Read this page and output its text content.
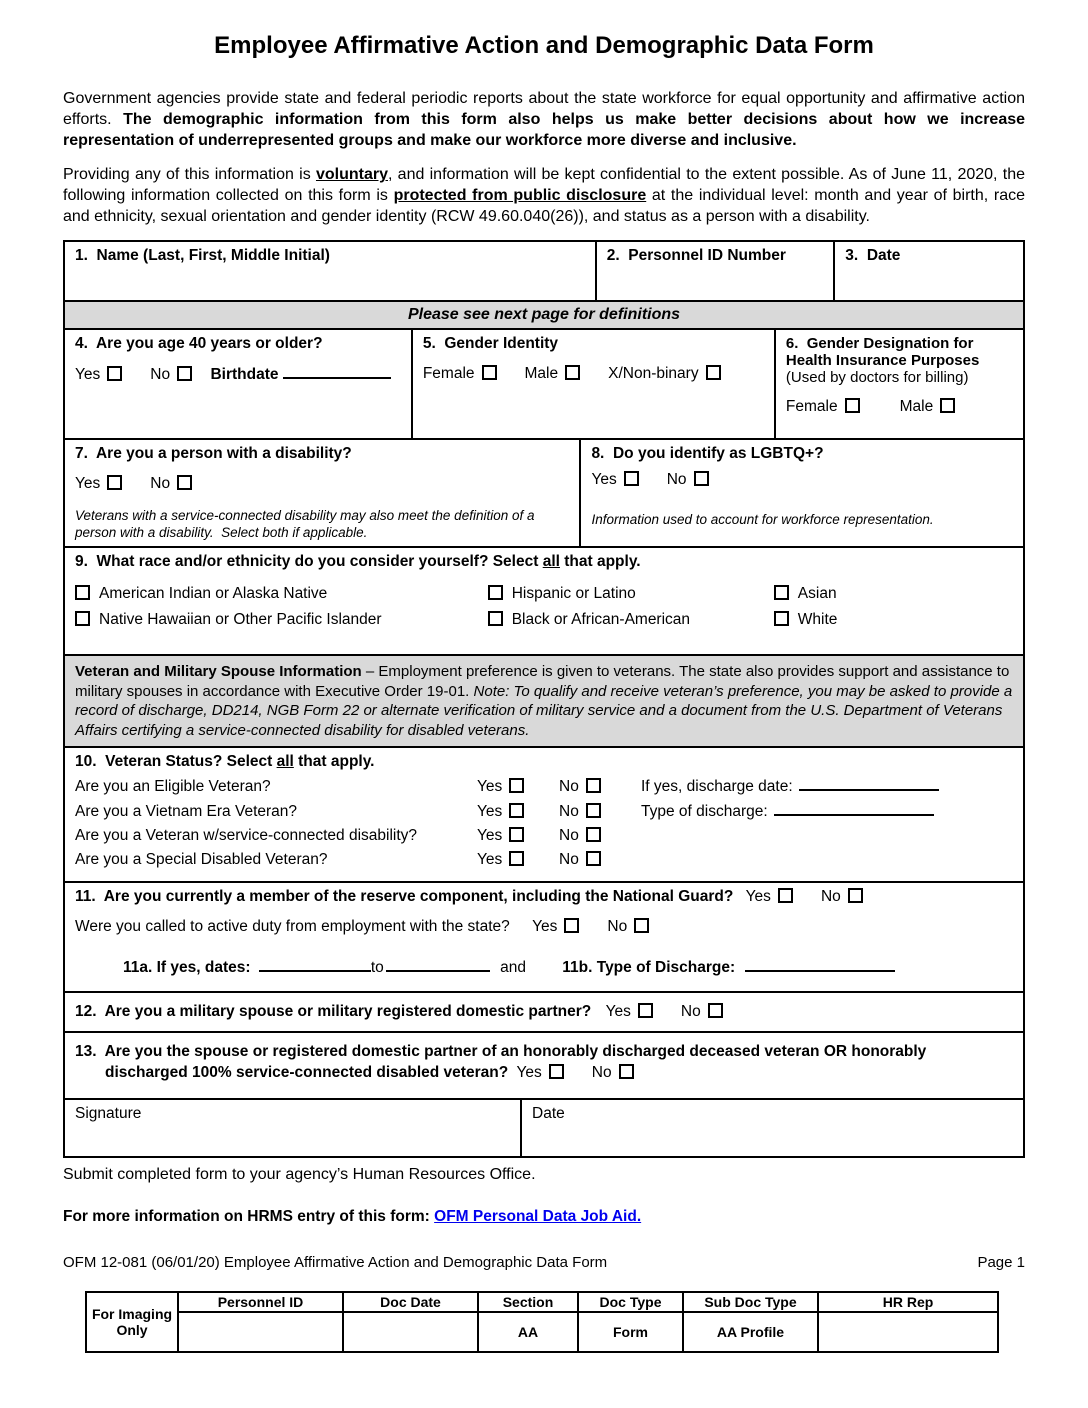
Employee Affirmative Action and Demographic Data Form

Government agencies provide state and federal periodic reports about the state workforce for equal opportunity and affirmative action efforts. The demographic information from this form also helps us make better decisions about how we increase representation of underrepresented groups and make our workforce more diverse and inclusive.

Providing any of this information is voluntary, and information will be kept confidential to the extent possible. As of June 11, 2020, the following information collected on this form is protected from public disclosure at the individual level: month and year of birth, race and ethnicity, sexual orientation and gender identity (RCW 49.60.040(26)), and status as a person with a disability.

1.  Name (Last, First, Middle Initial)	2.  Personnel ID Number	3.  Date
Please see next page for definitions
4.  Are you age 40 years or older?
Yes	No	Birthdate
5.  Gender Identity
Female	Male	X/Non-binary
6.  Gender Designation for Health Insurance Purposes
(Used by doctors for billing)
Female	Male
7.  Are you a person with a disability?
Yes	No
Veterans with a service-connected disability may also meet the definition of a person with a disability.  Select both if applicable.
8.  Do you identify as LGBTQ+?
Yes	No
Information used to account for workforce representation.
9.  What race and/or ethnicity do you consider yourself? Select all that apply.
American Indian or Alaska Native	Hispanic or Latino	Asian
Native Hawaiian or Other Pacific Islander	Black or African-American	White
Veteran and Military Spouse Information – Employment preference is given to veterans. The state also provides support and assistance to military spouses in accordance with Executive Order 19-01. Note: To qualify and receive veteran’s preference, you may be asked to provide a record of discharge, DD214, NGB Form 22 or alternate verification of military service and a document from the U.S. Department of Veterans Affairs certifying a service-connected disability for disabled veterans.
10.  Veteran Status? Select all that apply.
Are you an Eligible Veteran?	Yes	No	If yes, discharge date:
Are you a Vietnam Era Veteran?	Yes	No	Type of discharge:
Are you a Veteran w/service-connected disability?	Yes	No
Are you a Special Disabled Veteran?	Yes	No
11.  Are you currently a member of the reserve component, including the National Guard? Yes	No
Were you called to active duty from employment with the state? Yes	No
11a. If yes, dates:	to	and 11b. Type of Discharge:
12.  Are you a military spouse or military registered domestic partner? Yes	No
13.  Are you the spouse or registered domestic partner of an honorably discharged deceased veteran OR honorably
discharged 100% service-connected disabled veteran? Yes	No
Signature	Date
Submit completed form to your agency’s Human Resources Office.
For more information on HRMS entry of this form: OFM Personal Data Job Aid.
OFM 12-081 (06/01/20) Employee Affirmative Action and Demographic Data Form	Page 1
For Imaging Only	Personnel ID	Doc Date	Section	Doc Type	Sub Doc Type	HR Rep
			AA	Form	AA Profile	
